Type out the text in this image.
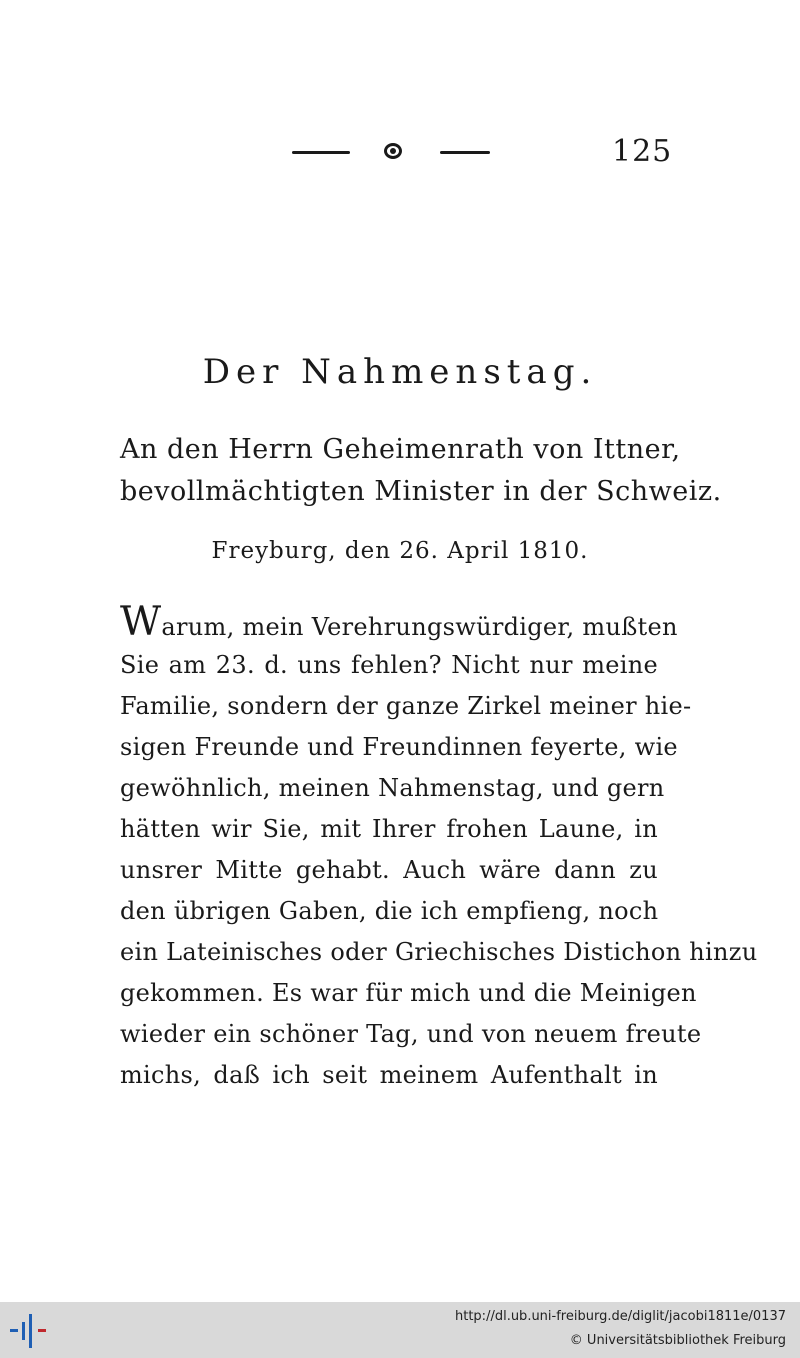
125
Der Nahmenstag.
An den Herrn Geheimenrath von Ittner,
bevollmächtigten Minister in der Schweiz.
Freyburg, den 26. April 1810.
Warum, mein Verehrungswürdiger, mußten
Sie am 23. d. uns fehlen? Nicht nur meine
Familie, sondern der ganze Zirkel meiner hie-
sigen Freunde und Freundinnen feyerte, wie
gewöhnlich, meinen Nahmenstag, und gern
hätten wir Sie, mit Ihrer frohen Laune, in
unsrer Mitte gehabt. Auch wäre dann zu
den übrigen Gaben, die ich empfieng, noch
ein Lateinisches oder Griechisches Distichon hinzu
gekommen. Es war für mich und die Meinigen
wieder ein schöner Tag, und von neuem freute
michs, daß ich seit meinem Aufenthalt in
http://dl.ub.uni-freiburg.de/diglit/jacobi1811e/0137
© Universitätsbibliothek Freiburg
